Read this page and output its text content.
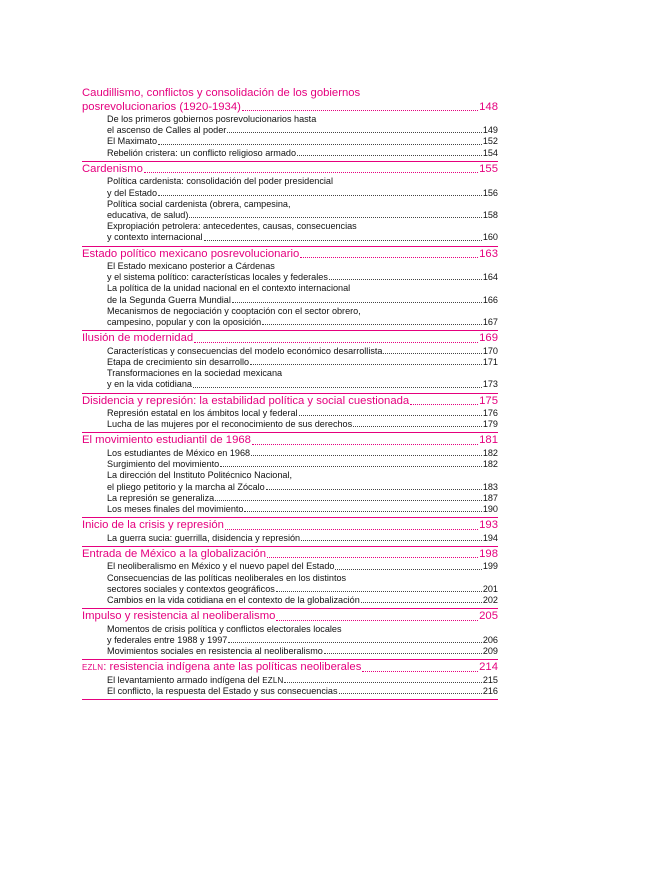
Caudillismo, conflictos y consolidación de los gobiernos
posrevolucionarios (1920-1934)	148
De los primeros gobiernos posrevolucionarios hasta
el ascenso de Calles al poder	149
El Maximato	152
Rebelión cristera: un conflicto religioso armado	154
Cardenismo	155
Política cardenista: consolidación del poder presidencial
y del Estado	156
Política social cardenista (obrera, campesina,
educativa, de salud)	158
Expropiación petrolera: antecedentes, causas, consecuencias
y contexto internacional	160
Estado político mexicano posrevolucionario	163
El Estado mexicano posterior a Cárdenas
y el sistema político: características locales y federales	164
La política de la unidad nacional en el contexto internacional
de la Segunda Guerra Mundial	166
Mecanismos de negociación y cooptación con el sector obrero,
campesino, popular y con la oposición	167
Ilusión de modernidad	169
Características y consecuencias del modelo económico desarrollista	170
Etapa de crecimiento sin desarrollo	171
Transformaciones en la sociedad mexicana
y en la vida cotidiana	173
Disidencia y represión: la estabilidad política y social cuestionada	175
Represión estatal en los ámbitos local y federal	176
Lucha de las mujeres por el reconocimiento de sus derechos	179
El movimiento estudiantil de 1968	181
Los estudiantes de México en 1968	182
Surgimiento del movimiento	182
La dirección del Instituto Politécnico Nacional,
el pliego petitorio y la marcha al Zócalo	183
La represión se generaliza	187
Los meses finales del movimiento	190
Inicio de la crisis y represión	193
La guerra sucia: guerrilla, disidencia y represión	194
Entrada de México a la globalización	198
El neoliberalismo en México y el nuevo papel del Estado	199
Consecuencias de las políticas neoliberales en los distintos
sectores sociales y contextos geográficos	201
Cambios en la vida cotidiana en el contexto de la globalización	202
Impulso y resistencia al neoliberalismo	205
Momentos de crisis política y conflictos electorales locales
y federales entre 1988 y 1997	206
Movimientos sociales en resistencia al neoliberalismo	209
EZLN: resistencia indígena ante las políticas neoliberales	214
El levantamiento armado indígena del EZLN	215
El conflicto, la respuesta del Estado y sus consecuencias	216
